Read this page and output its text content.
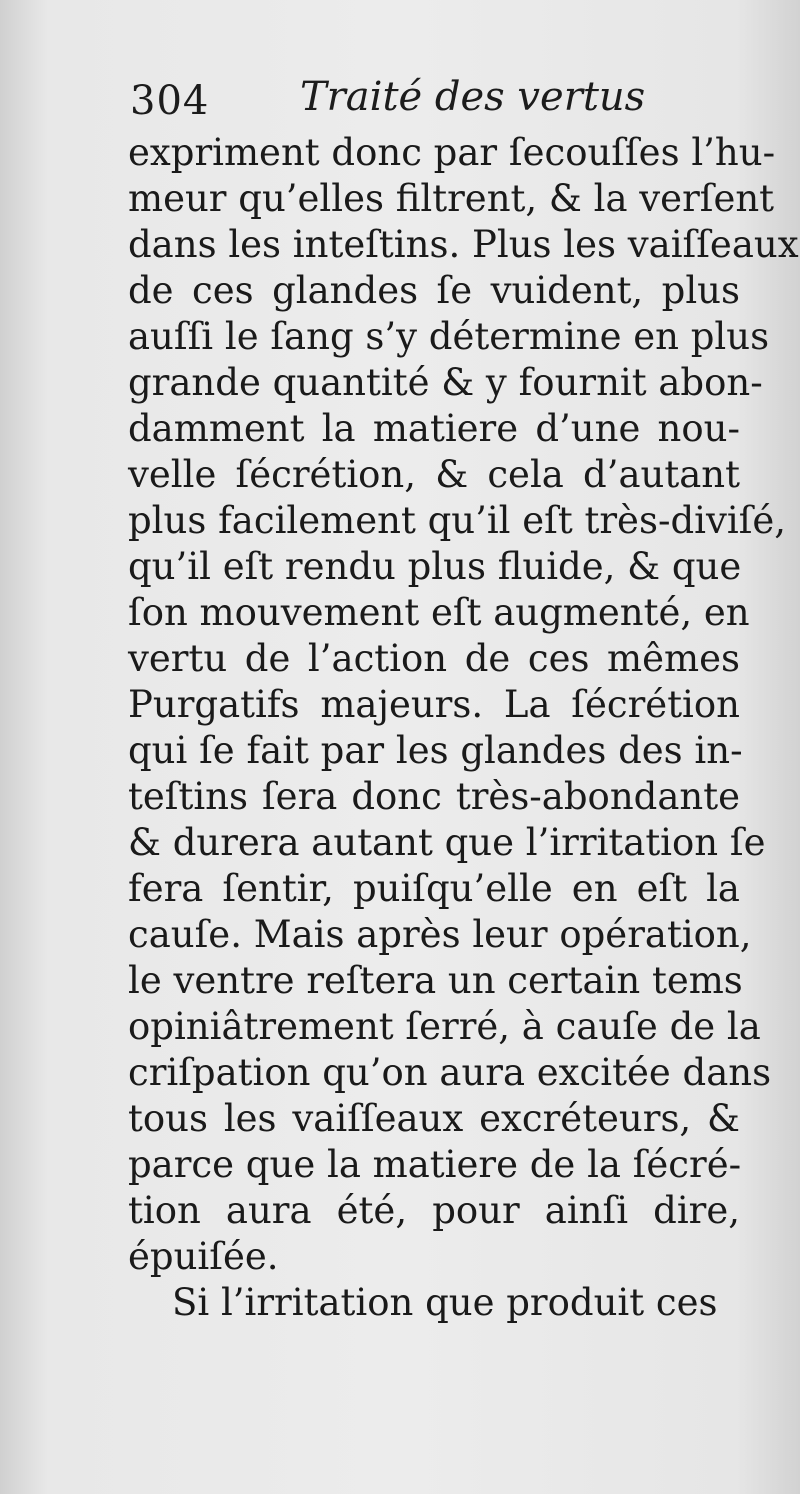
304 Traité des vertus
expriment donc par ſecouſſes l’hu-
meur qu’elles filtrent, & la verſent
dans les inteſtins. Plus les vaiſſeaux
de ces glandes ſe vuident, plus
auſſi le ſang s’y détermine en plus
grande quantité & y fournit abon-
damment la matiere d’une nou-
velle ſécrétion, & cela d’autant
plus facilement qu’il eſt très-diviſé,
qu’il eſt rendu plus fluide, & que
ſon mouvement eſt augmenté, en
vertu de l’action de ces mêmes
Purgatifs majeurs. La ſécrétion
qui ſe fait par les glandes des in-
teſtins ſera donc très-abondante
& durera autant que l’irritation ſe
fera ſentir, puiſqu’elle en eſt la
cauſe. Mais après leur opération,
le ventre reſtera un certain tems
opiniâtrement ſerré, à cauſe de la
criſpation qu’on aura excitée dans
tous les vaiſſeaux excréteurs, &
parce que la matiere de la ſécré-
tion aura été, pour ainſi dire,
épuiſée.
Si l’irritation que produit ces
